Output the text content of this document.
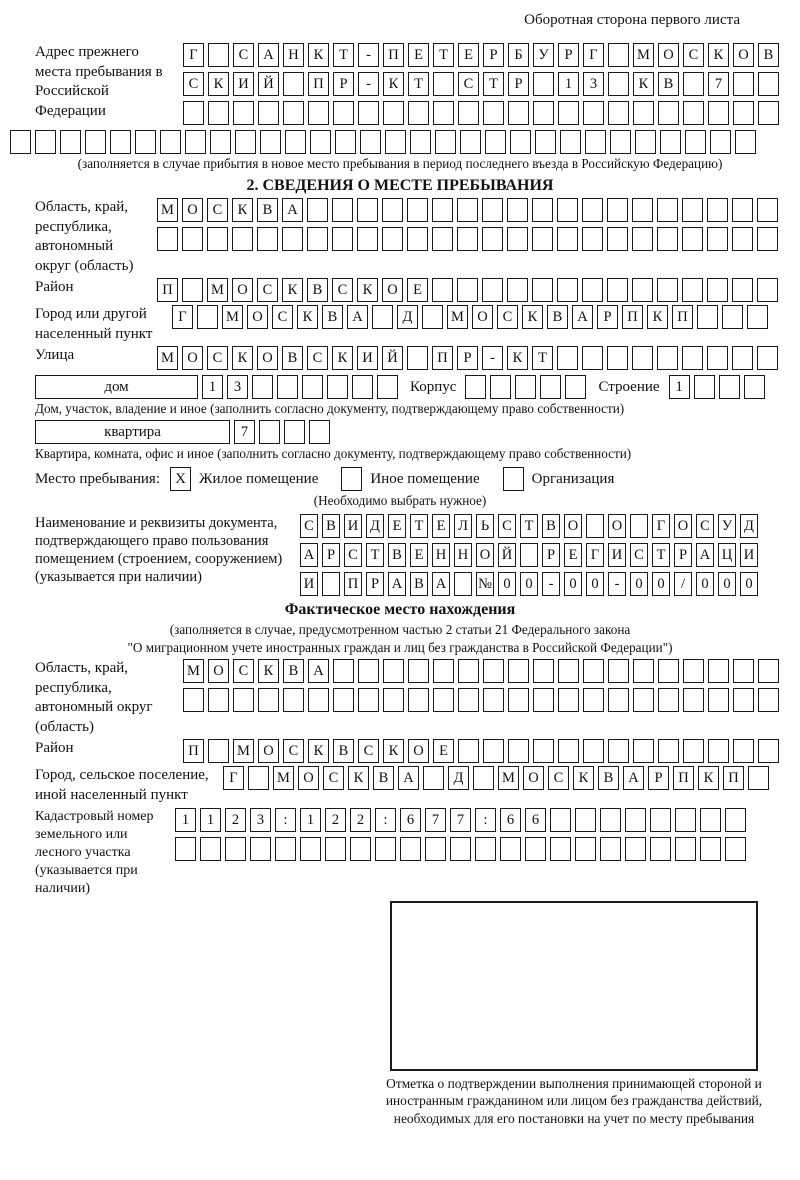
Оборотная сторона первого листа
Адрес прежнего места пребывания в Российской Федерации
Г	С	А	Н	К	Т	-	П	Е	Т	Е	Р	Б	У	Р	Г	М О	С	К	О	В
С	К	И	Й	П	Р	-	К	Т	С	Т	Р	1	3	К	В	7
(заполняется в случае прибытия в новое место пребывания в период последнего въезда в Российскую Федерацию)
2. СВЕДЕНИЯ О МЕСТЕ ПРЕБЫВАНИЯ
Область, край, республика, автономный округ (область)
М О	С	К	В	А
Район	П	М О	С	К	В	С	К	О	Е
Город или другой населенный пункт
Г	М О	С	К	В	А	Д	М О	С	К	В	А	Р	П	К	П
Улица	М О	С	К	О	В	С	К	И	Й	П	Р	-	К	Т
дом	1	3	Корпус	Строение	1
Дом, участок, владение и иное (заполнить согласно документу, подтверждающему право собственности)
квартира	7
Квартира, комната, офис и иное (заполнить согласно документу, подтверждающему право собственности)
Место пребывания:	X Жилое помещение	Иное помещение	Организация
(Необходимо выбрать нужное)
Наименование и реквизиты документа, подтверждающего право пользования помещением (строением, сооружением) (указывается при наличии)
С В И Д Е Т Е Л Ь С Т В О О	Г О С У Д
А Р С Т В Е Н Н О Й	Р Е Г И С Т Р А Ц И
И П Р А В А № 0	0	-	0	0	-	0	0	/	0	0	0
Фактическое место нахождения
(заполняется в случае, предусмотренном частью 2 статьи 21 Федерального закона
"О миграционном учете иностранных граждан и лиц без гражданства в Российской Федерации")
Область, край, республика, автономный округ (область)
М О	С	К	В	А
Район	П	М О	С	К	В	С	К	О	Е
Город, сельское поселение, иной населенный пункт
Г	М О	С	К	В	А	Д	М О	С	К	В	А	Р	П	К	П
Кадастровый номер земельного или лесного участка (указывается при наличии)
1	1	2	3	:	1	2	2	:	6	7	7	:	6	6
Отметка о подтверждении выполнения принимающей стороной и иностранным гражданином или лицом без гражданства действий, необходимых для его постановки на учет по месту пребывания
